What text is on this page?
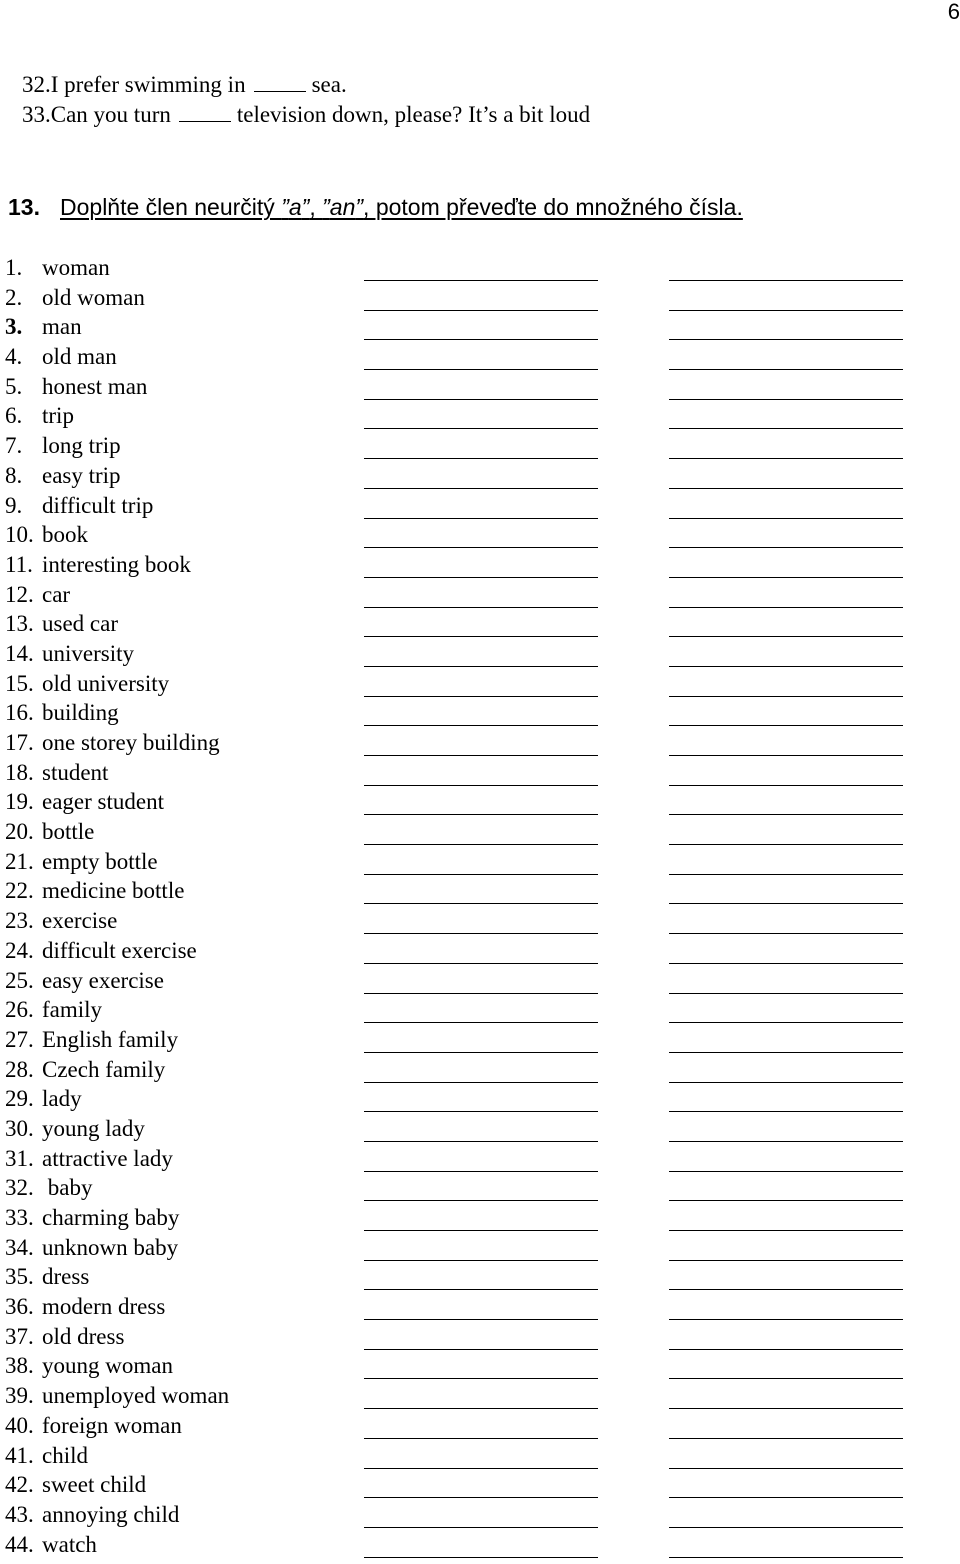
6
32.I prefer swimming in	sea.
33.Can you turn	television down, please? It’s a bit loud
13. Doplňte člen neurčitý ”a”, ”an”, potom převeďte do množného čísla.
1. woman
2. old woman
3. man
4. old man
5. honest man
6. trip
7. long trip
8. easy trip
9. difficult trip
10. book
11. interesting book
12. car
13. used car
14. university
15. old university
16. building
17. one storey building
18. student
19. eager student
20. bottle
21. empty bottle
22. medicine bottle
23. exercise
24. difficult exercise
25. easy exercise
26. family
27. English family
28. Czech family
29. lady
30. young lady
31. attractive lady
32. baby
33. charming baby
34. unknown baby
35. dress
36. modern dress
37. old dress
38. young woman
39. unemployed woman
40. foreign woman
41. child
42. sweet child
43. annoying child
44. watch
